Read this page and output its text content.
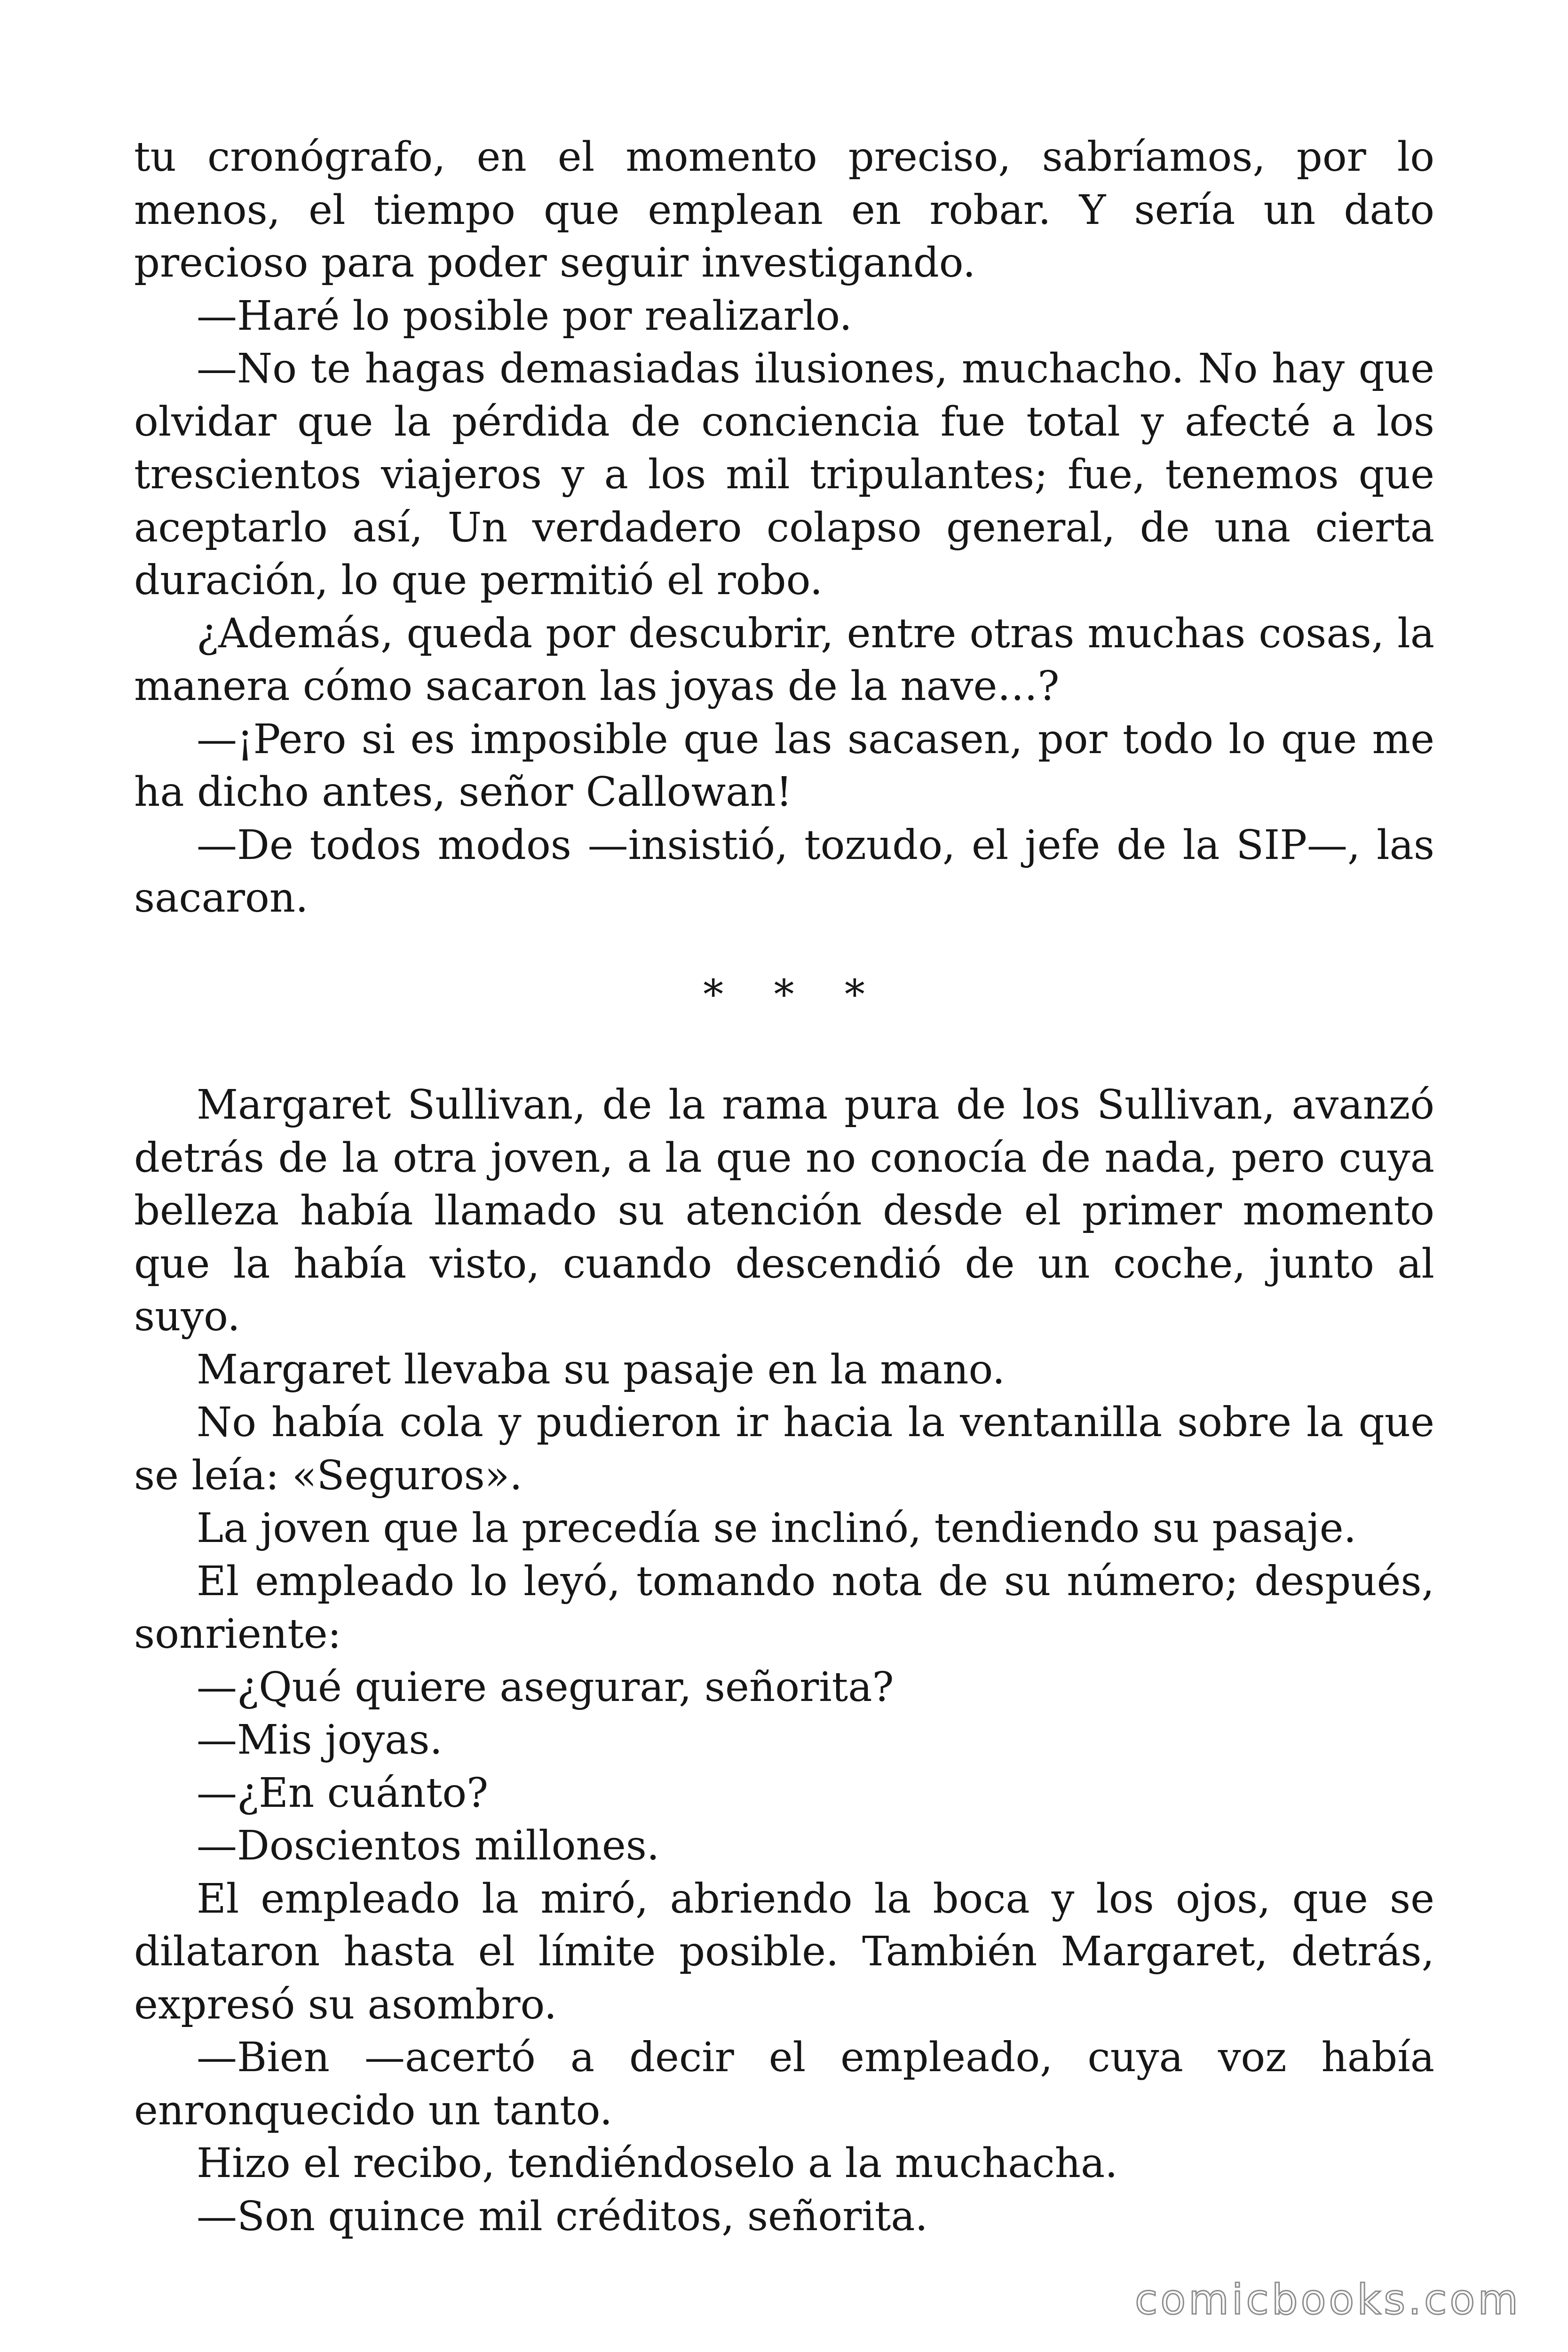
tu cronógrafo, en el momento preciso, sabríamos, por lo menos, el tiempo que emplean en robar. Y sería un dato precioso para poder seguir investigando.

—Haré lo posible por realizarlo.

—No te hagas demasiadas ilusiones, muchacho. No hay que olvidar que la pérdida de conciencia fue total y afecté a los trescientos viajeros y a los mil tripulantes; fue, tenemos que aceptarlo así, Un verdadero colapso general, de una cierta duración, lo que permitió el robo.

¿Además, queda por descubrir, entre otras muchas cosas, la manera cómo sacaron las joyas de la nave…?

—¡Pero si es imposible que las sacasen, por todo lo que me ha dicho antes, señor Callowan!

—De todos modos —insistió, tozudo, el jefe de la SIP—, las sacaron.

* * *

Margaret Sullivan, de la rama pura de los Sullivan, avanzó detrás de la otra joven, a la que no conocía de nada, pero cuya belleza había llamado su atención desde el primer momento que la había visto, cuando descendió de un coche, junto al suyo.

Margaret llevaba su pasaje en la mano.

No había cola y pudieron ir hacia la ventanilla sobre la que se leía: «Seguros».

La joven que la precedía se inclinó, tendiendo su pasaje.

El empleado lo leyó, tomando nota de su número; después, sonriente:

—¿Qué quiere asegurar, señorita?

—Mis joyas.

—¿En cuánto?

—Doscientos millones.

El empleado la miró, abriendo la boca y los ojos, que se dilataron hasta el límite posible. También Margaret, detrás, expresó su asombro.

—Bien —acertó a decir el empleado, cuya voz había enronquecido un tanto.

Hizo el recibo, tendiéndoselo a la muchacha.

—Son quince mil créditos, señorita.

comicbooks.com
